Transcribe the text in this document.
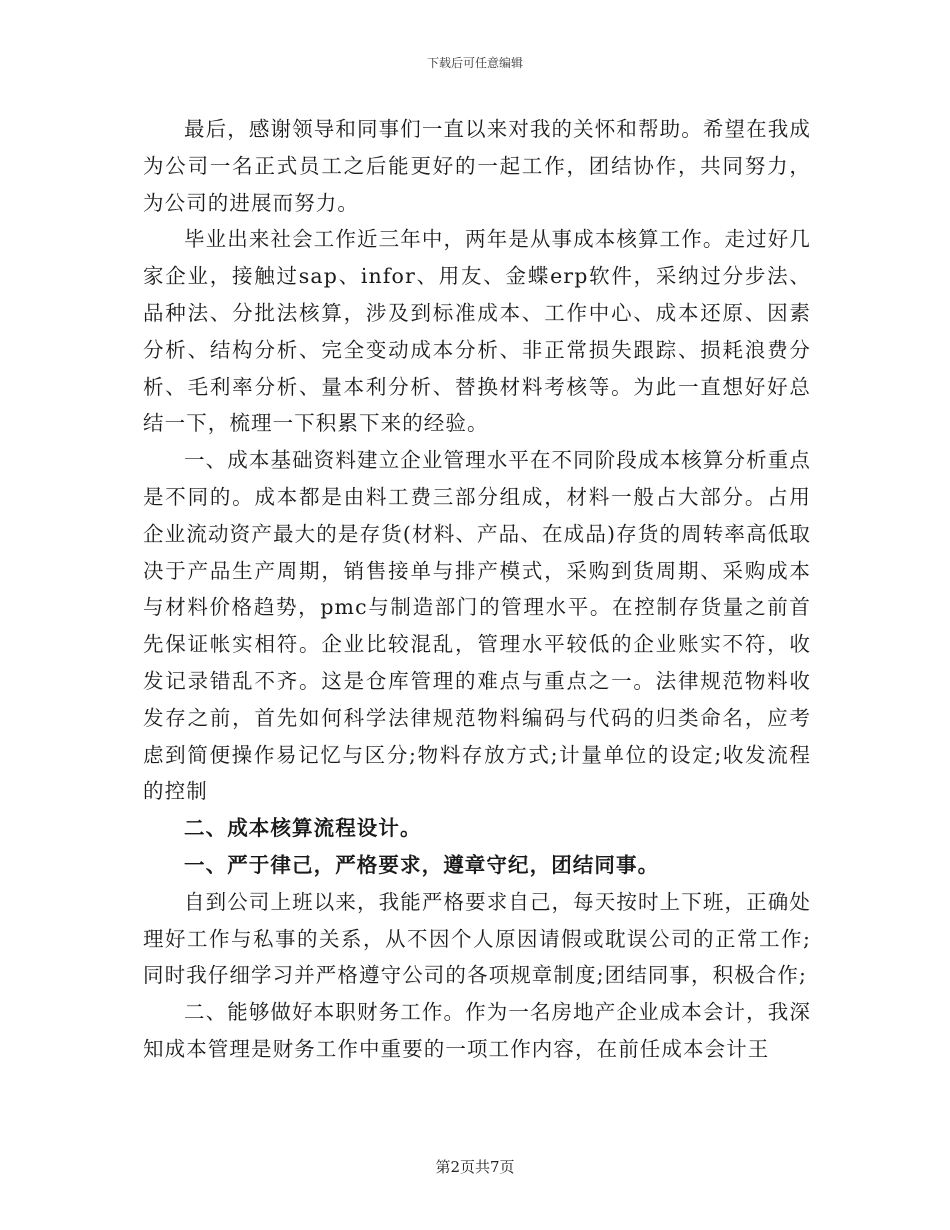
下载后可任意编辑

最后，感谢领导和同事们一直以来对我的关怀和帮助。希望在我成为公司一名正式员工之后能更好的一起工作，团结协作，共同努力，为公司的进展而努力。

毕业出来社会工作近三年中，两年是从事成本核算工作。走过好几家企业，接触过sap、infor、用友、金蝶erp软件，采纳过分步法、品种法、分批法核算，涉及到标准成本、工作中心、成本还原、因素分析、结构分析、完全变动成本分析、非正常损失跟踪、损耗浪费分析、毛利率分析、量本利分析、替换材料考核等。为此一直想好好总结一下，梳理一下积累下来的经验。

一、成本基础资料建立企业管理水平在不同阶段成本核算分析重点是不同的。成本都是由料工费三部分组成，材料一般占大部分。占用企业流动资产最大的是存货(材料、产品、在成品)存货的周转率高低取决于产品生产周期，销售接单与排产模式，采购到货周期、采购成本与材料价格趋势，pmc与制造部门的管理水平。在控制存货量之前首先保证帐实相符。企业比较混乱，管理水平较低的企业账实不符，收发记录错乱不齐。这是仓库管理的难点与重点之一。法律规范物料收发存之前，首先如何科学法律规范物料编码与代码的归类命名，应考虑到简便操作易记忆与区分;物料存放方式;计量单位的设定;收发流程的控制

二、成本核算流程设计。

一、严于律己，严格要求，遵章守纪，团结同事。

自到公司上班以来，我能严格要求自己，每天按时上下班，正确处理好工作与私事的关系，从不因个人原因请假或耽误公司的正常工作;同时我仔细学习并严格遵守公司的各项规章制度;团结同事，积极合作;

二、能够做好本职财务工作。作为一名房地产企业成本会计，我深知成本管理是财务工作中重要的一项工作内容，在前任成本会计王

第2页共7页
